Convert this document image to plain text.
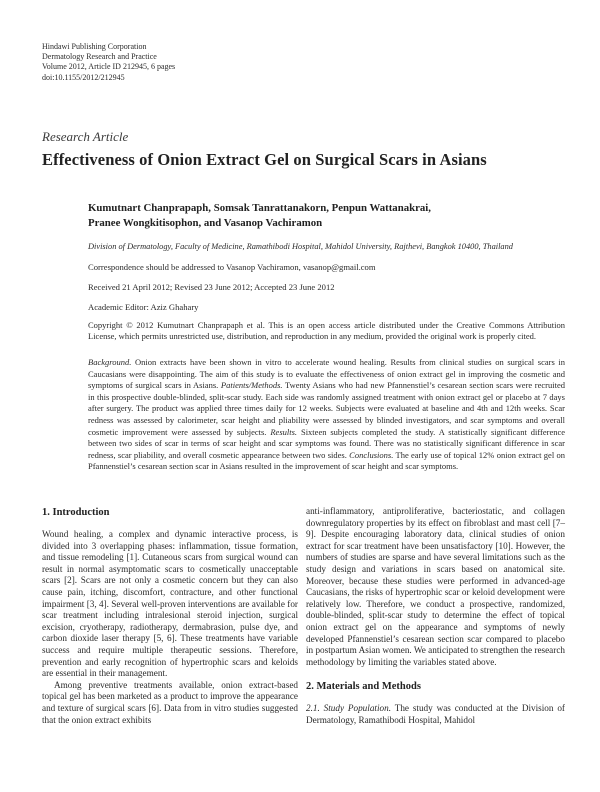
Hindawi Publishing Corporation
Dermatology Research and Practice
Volume 2012, Article ID 212945, 6 pages
doi:10.1155/2012/212945
Research Article
Effectiveness of Onion Extract Gel on Surgical Scars in Asians
Kumutnart Chanprapaph, Somsak Tanrattanakorn, Penpun Wattanakrai,
Pranee Wongkitisophon, and Vasanop Vachiramon
Division of Dermatology, Faculty of Medicine, Ramathibodi Hospital, Mahidol University, Rajthevi, Bangkok 10400, Thailand
Correspondence should be addressed to Vasanop Vachiramon, vasanop@gmail.com
Received 21 April 2012; Revised 23 June 2012; Accepted 23 June 2012
Academic Editor: Aziz Ghahary
Copyright © 2012 Kumutnart Chanprapaph et al. This is an open access article distributed under the Creative Commons Attribution License, which permits unrestricted use, distribution, and reproduction in any medium, provided the original work is properly cited.
Background. Onion extracts have been shown in vitro to accelerate wound healing. Results from clinical studies on surgical scars in Caucasians were disappointing. The aim of this study is to evaluate the effectiveness of onion extract gel in improving the cosmetic and symptoms of surgical scars in Asians. Patients/Methods. Twenty Asians who had new Pfannenstiel’s cesarean section scars were recruited in this prospective double-blinded, split-scar study. Each side was randomly assigned treatment with onion extract gel or placebo at 7 days after surgery. The product was applied three times daily for 12 weeks. Subjects were evaluated at baseline and 4th and 12th weeks. Scar redness was assessed by calorimeter, scar height and pliability were assessed by blinded investigators, and scar symptoms and overall cosmetic improvement were assessed by subjects. Results. Sixteen subjects completed the study. A statistically significant difference between two sides of scar in terms of scar height and scar symptoms was found. There was no statistically significant difference in scar redness, scar pliability, and overall cosmetic appearance between two sides. Conclusions. The early use of topical 12% onion extract gel on Pfannenstiel’s cesarean section scar in Asians resulted in the improvement of scar height and scar symptoms.
1. Introduction

Wound healing, a complex and dynamic interactive process, is divided into 3 overlapping phases: inflammation, tissue formation, and tissue remodeling [1]. Cutaneous scars from surgical wound can result in normal asymptomatic scars to cosmetically unacceptable scars [2]. Scars are not only a cosmetic concern but they can also cause pain, itching, discomfort, contracture, and other functional impairment [3, 4]. Several well-proven interventions are available for scar treatment including intralesional steroid injection, surgical excision, cryotherapy, radiotherapy, dermabrasion, pulse dye, and carbon dioxide laser therapy [5, 6]. These treatments have variable success and require multiple therapeutic sessions. Therefore, prevention and early recognition of hypertrophic scars and keloids are essential in their management.

Among preventive treatments available, onion extract-based topical gel has been marketed as a product to improve the appearance and texture of surgical scars [6]. Data from in vitro studies suggested that the onion extract exhibits

anti-inflammatory, antiproliferative, bacteriostatic, and collagen downregulatory properties by its effect on fibroblast and mast cell [7–9]. Despite encouraging laboratory data, clinical studies of onion extract for scar treatment have been unsatisfactory [10]. However, the numbers of studies are sparse and have several limitations such as the study design and variations in scars based on anatomical site. Moreover, because these studies were performed in advanced-age Caucasians, the risks of hypertrophic scar or keloid development were relatively low. Therefore, we conduct a prospective, randomized, double-blinded, split-scar study to determine the effect of topical onion extract gel on the appearance and symptoms of newly developed Pfannenstiel’s cesarean section scar compared to placebo in postpartum Asian women. We anticipated to strengthen the research methodology by limiting the variables stated above.

2. Materials and Methods

2.1. Study Population. The study was conducted at the Division of Dermatology, Ramathibodi Hospital, Mahidol
